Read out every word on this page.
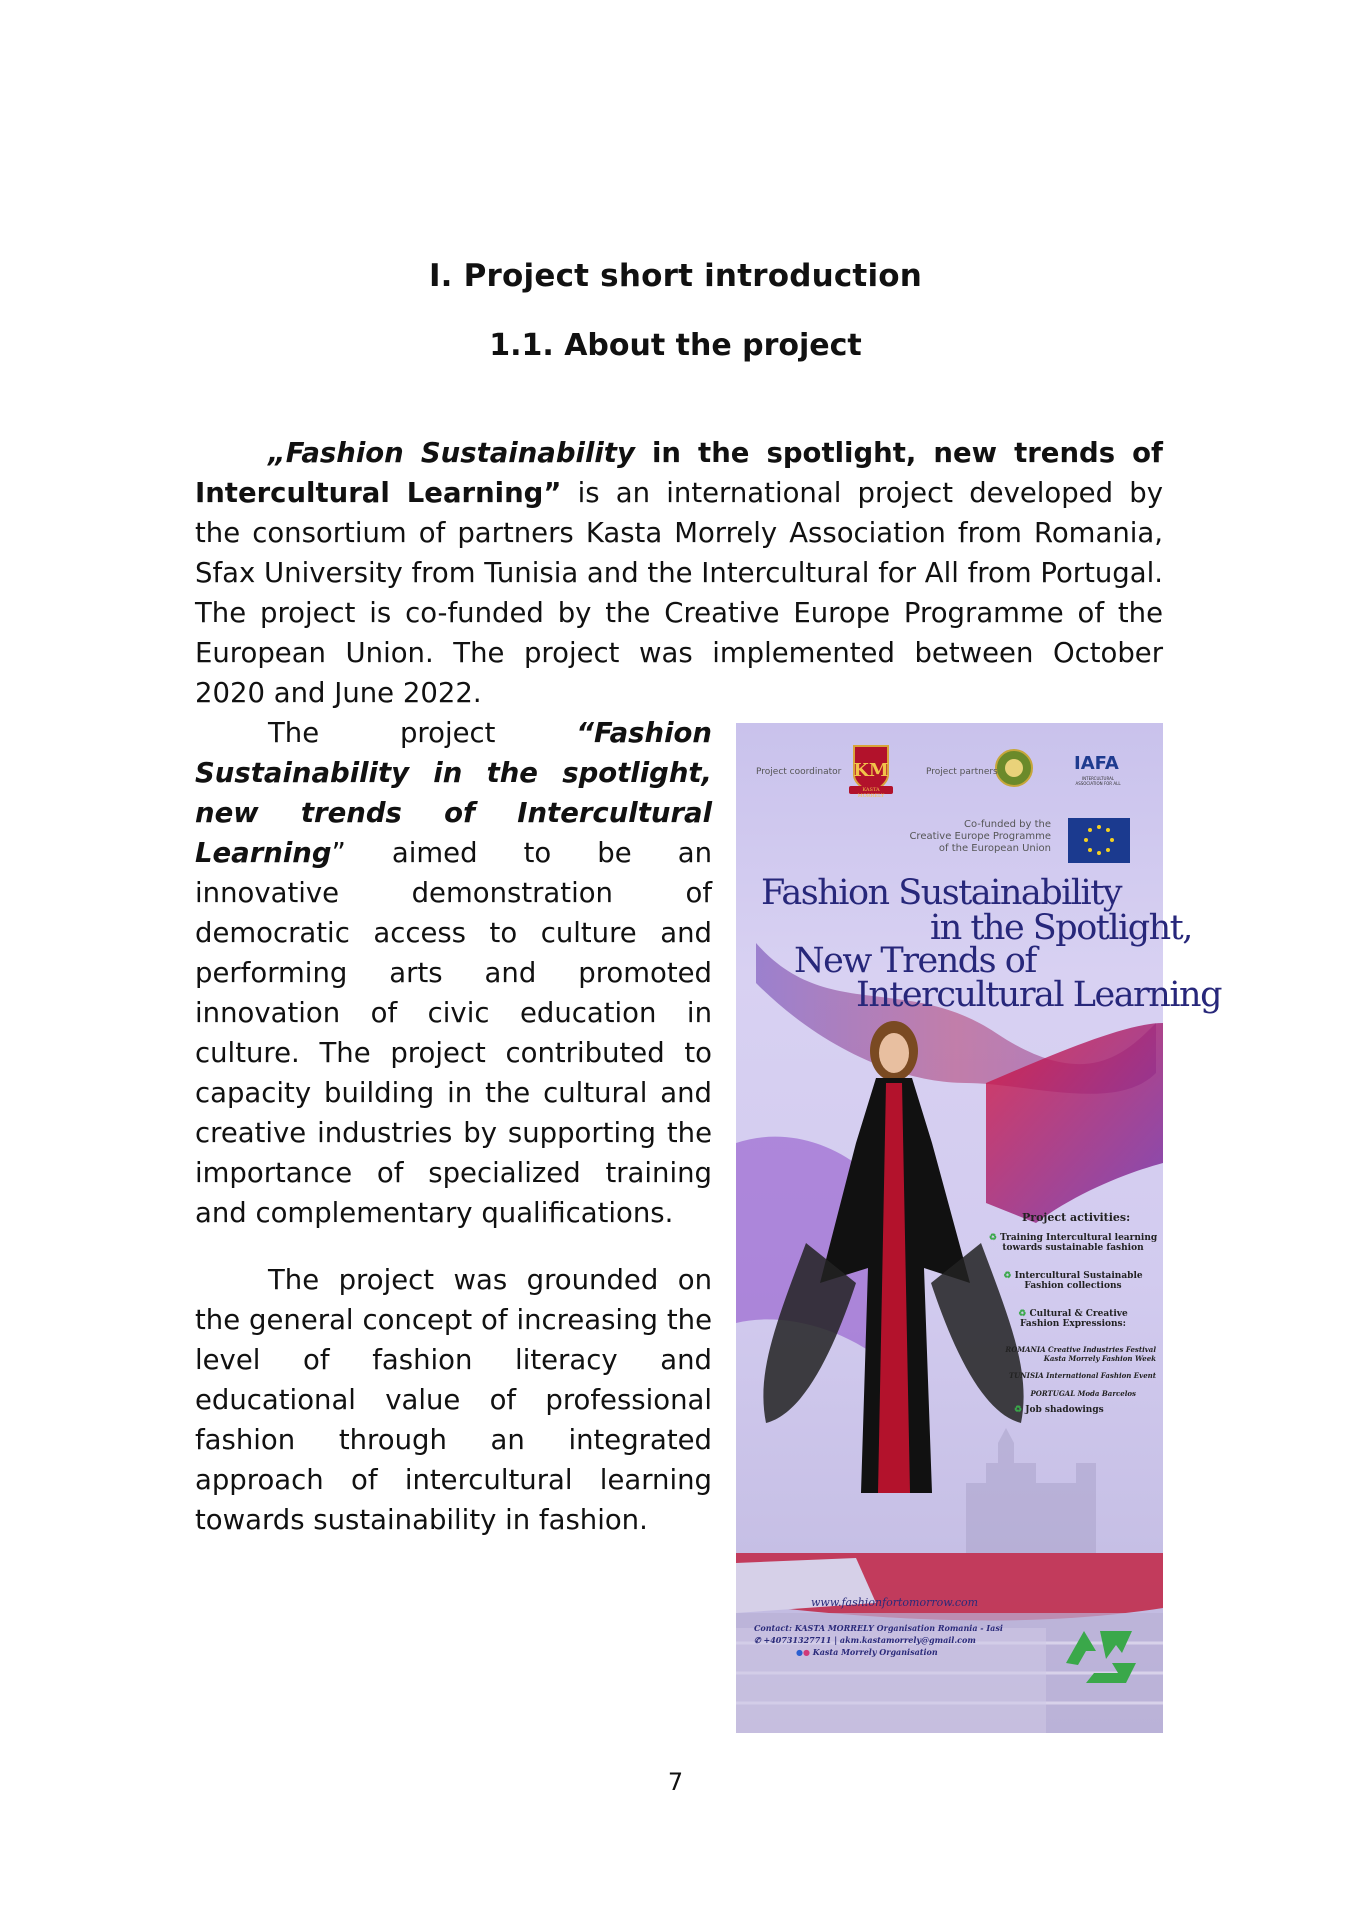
I. Project short introduction
1.1. About the project

„Fashion Sustainability in the spotlight, new trends of Intercultural Learning” is an international project developed by the consortium of partners Kasta Morrely Association from Romania, Sfax University from Tunisia and the Intercultural for All from Portugal. The project is co-funded by the Creative Europe Programme of the European Union. The project was implemented between October 2020 and June 2022.

KM
Project coordinator	Project partners
KASTA MORRELY
IAFA
INTERCULTURAL ASSOCIATION FOR ALL
Co-funded by the
Creative Europe Programme
of the European Union
Fashion Sustainability
in the Spotlight,
New Trends of
Intercultural Learning
Project activities:
♻ Training Intercultural learning
towards sustainable fashion
♻ Intercultural Sustainable
Fashion collections
♻ Cultural & Creative
Fashion Expressions:
ROMANIA Creative Industries Festival
Kasta Morrely Fashion Week
TUNISIA International Fashion Event
PORTUGAL Moda Barcelos
♻ Job shadowings
www.fashionfortomorrow.com
Contact: KASTA MORRELY Organisation Romania - Iasi
✆ +40731327711 | akm.kastamorrely@gmail.com
●● Kasta Morrely Organisation

The project “Fashion Sustainability in the spotlight, new trends of Intercultural Learning” aimed to be an innovative demonstration of democratic access to culture and performing arts and promoted innovation of civic education in culture. The project contributed to capacity building in the cultural and creative industries by supporting the importance of specialized training and complementary qualifications.

The project was grounded on the general concept of increasing the level of fashion literacy and educational value of professional fashion through an integrated approach of intercultural learning towards sustainability in fashion.

7
